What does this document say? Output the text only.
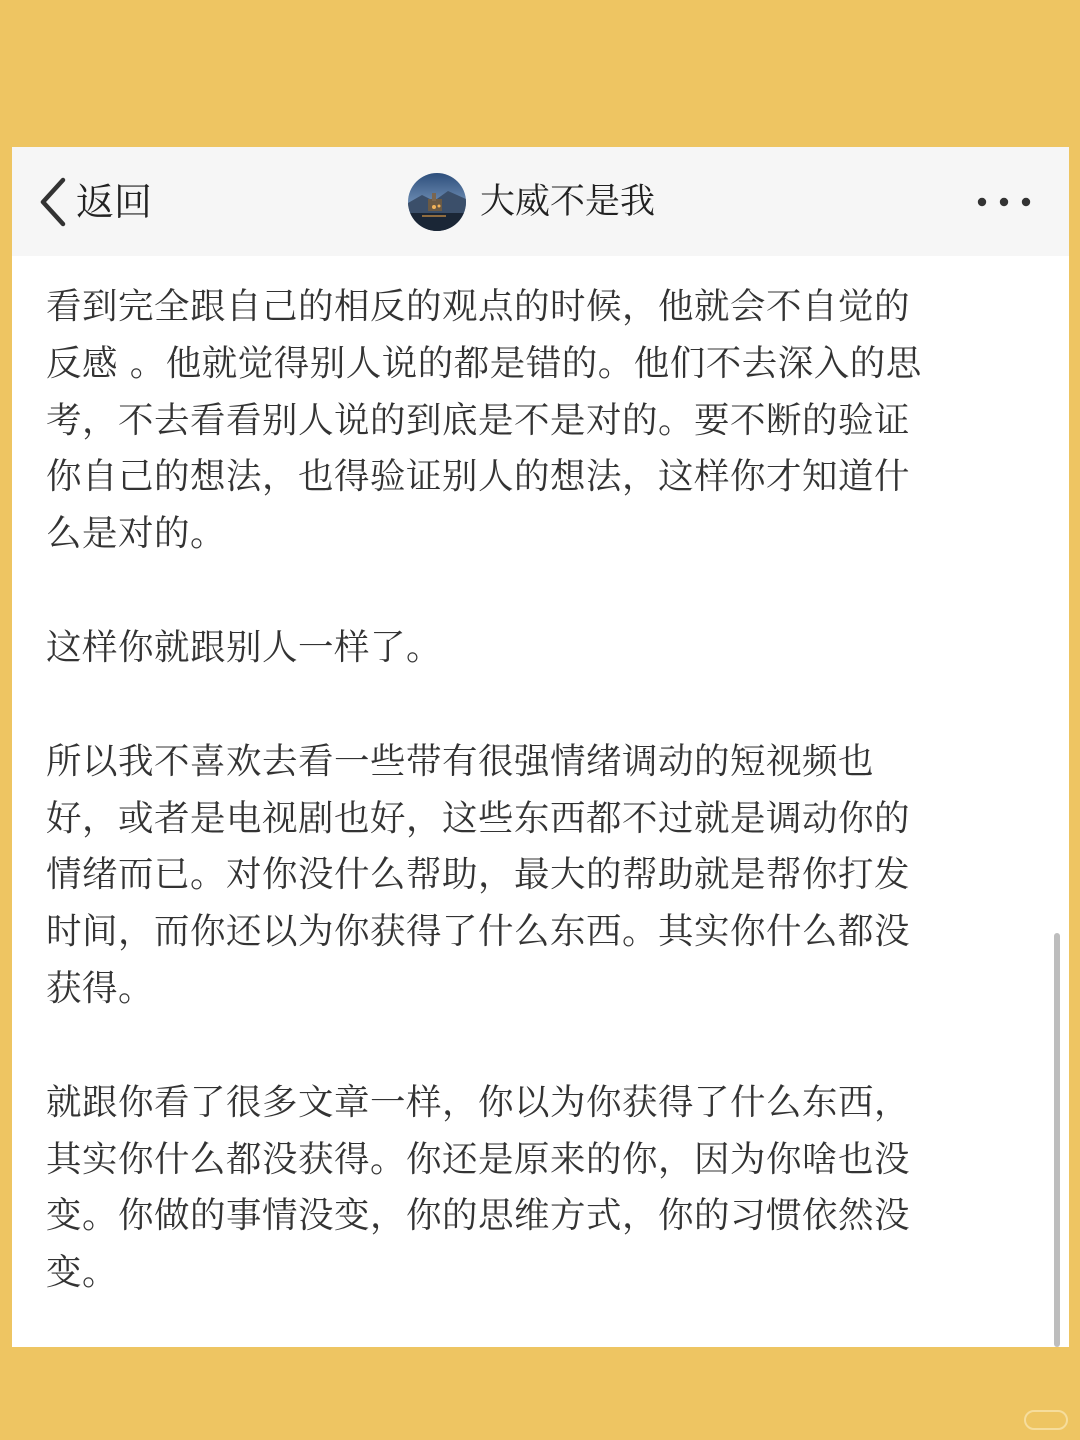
返回	大威不是我

看到完全跟自己的相反的观点的时候，他就会不自觉的
反感 。他就觉得别人说的都是错的。他们不去深入的思
考，不去看看别人说的到底是不是对的。要不断的验证
你自己的想法，也得验证别人的想法，这样你才知道什
么是对的。

这样你就跟别人一样了。

所以我不喜欢去看一些带有很强情绪调动的短视频也
好，或者是电视剧也好，这些东西都不过就是调动你的
情绪而已。对你没什么帮助，最大的帮助就是帮你打发
时间，而你还以为你获得了什么东西。其实你什么都没
获得。

就跟你看了很多文章一样，你以为你获得了什么东西，
其实你什么都没获得。你还是原来的你，因为你啥也没
变。你做的事情没变，你的思维方式，你的习惯依然没
变。
